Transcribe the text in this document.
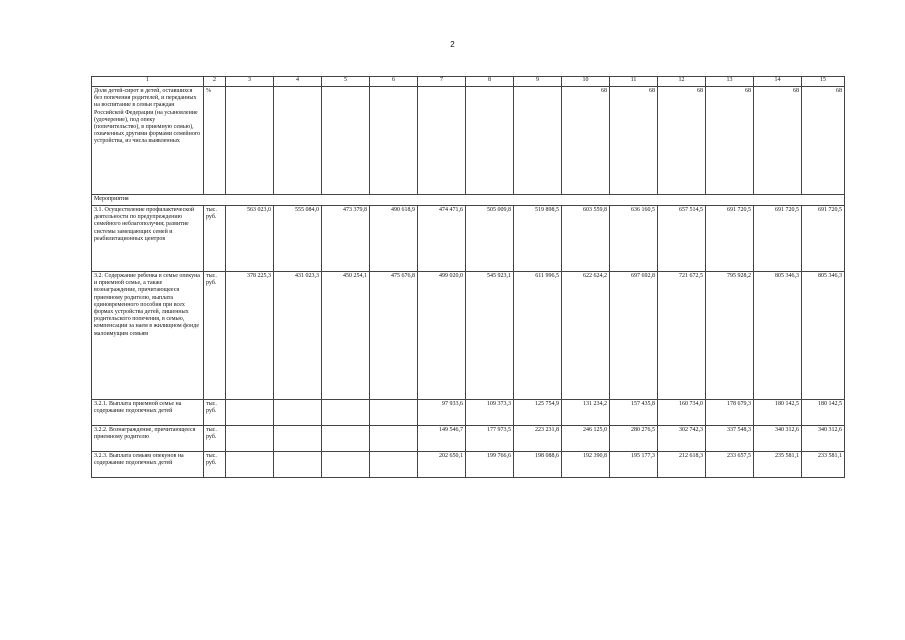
2
1	2	3	4	5	6	7	8	9	10	11	12	13	14	15
Доля детей-сирот и детей, оставшихся без попечения родителей, и переданных на воспитание в семьи граждан Российской Федерации (на усыновление (удочерение), под опеку (попечительство), в приемную семью), охваченных другими формами семейного устройства, из числа выявленных	%								68	68	68	68	68	68
Мероприятия														
3.1. Осуществление профилактической деятельности по предупреждению семейного неблагополучия; развитие системы замещающих семей и реабилитационных центров	тыс. руб.	563 023,0	555 084,0	473 379,8	490 618,9	474 471,6	505 009,8	519 898,5	603 559,8	636 160,5	657 514,5	691 720,5	691 720,5	691 720,5
3.2. Содержание ребенка в семье опекуна и приемной семье, а также вознаграждение, причитающееся приемному родителю, выплата единовременного пособия при всех формах устройства детей, лишенных родительского попечения, в семью, компенсации за наем в жилищном фонде малоимущим семьям	тыс. руб.	378 225,3	431 023,3	450 254,1	475 676,8	499 020,0	545 923,1	611 996,5	622 624,2	697 692,8	721 672,5	795 928,2	805 346,3	805 346,3
3.2.1. Выплата приемной семье на содержание подопечных детей	тыс. руб.					97 933,6	109 373,3	125 754,9	131 234,2	157 435,8	160 734,0	178 679,3	180 142,5	180 142,5
3.2.2. Вознаграждение, причитающееся приемному родителю	тыс. руб.					149 546,7	177 973,5	223 231,8	246 125,0	280 276,5	302 742,3	337 548,3	340 312,6	340 312,6
3.2.3. Выплата семьям опекунов на содержание подопечных детей	тыс. руб.					202 650,1	199 766,6	198 088,6	192 390,8	195 177,3	212 618,3	233 657,5	235 581,1	233 581,1
